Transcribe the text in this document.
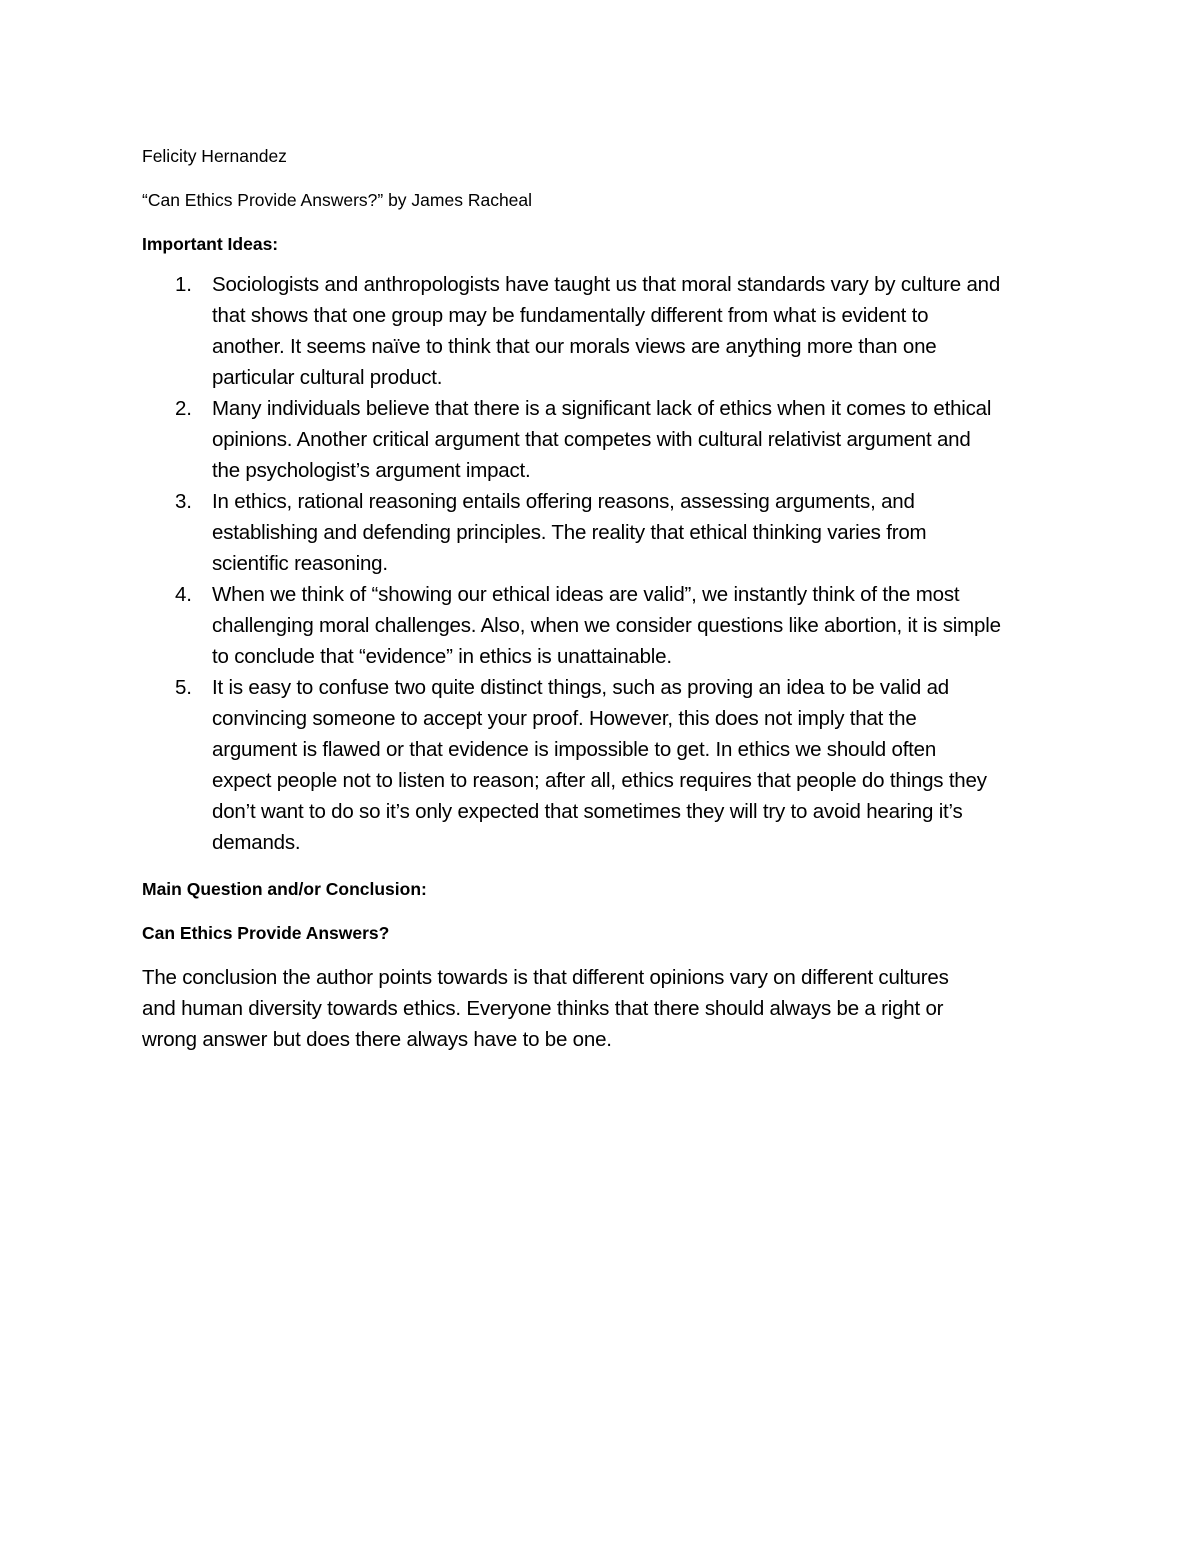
Felicity Hernandez

“Can Ethics Provide Answers?” by James Racheal

Important Ideas:

1. Sociologists and anthropologists have taught us that moral standards vary by culture and
that shows that one group may be fundamentally different from what is evident to
another. It seems naïve to think that our morals views are anything more than one
particular cultural product.
2. Many individuals believe that there is a significant lack of ethics when it comes to ethical
opinions. Another critical argument that competes with cultural relativist argument and
the psychologist’s argument impact.
3. In ethics, rational reasoning entails offering reasons, assessing arguments, and
establishing and defending principles. The reality that ethical thinking varies from
scientific reasoning.
4. When we think of “showing our ethical ideas are valid”, we instantly think of the most
challenging moral challenges. Also, when we consider questions like abortion, it is simple
to conclude that “evidence” in ethics is unattainable.
5. It is easy to confuse two quite distinct things, such as proving an idea to be valid ad
convincing someone to accept your proof. However, this does not imply that the
argument is flawed or that evidence is impossible to get. In ethics we should often
expect people not to listen to reason; after all, ethics requires that people do things they
don’t want to do so it’s only expected that sometimes they will try to avoid hearing it’s
demands.

Main Question and/or Conclusion:

Can Ethics Provide Answers?

The conclusion the author points towards is that different opinions vary on different cultures
and human diversity towards ethics. Everyone thinks that there should always be a right or
wrong answer but does there always have to be one.
